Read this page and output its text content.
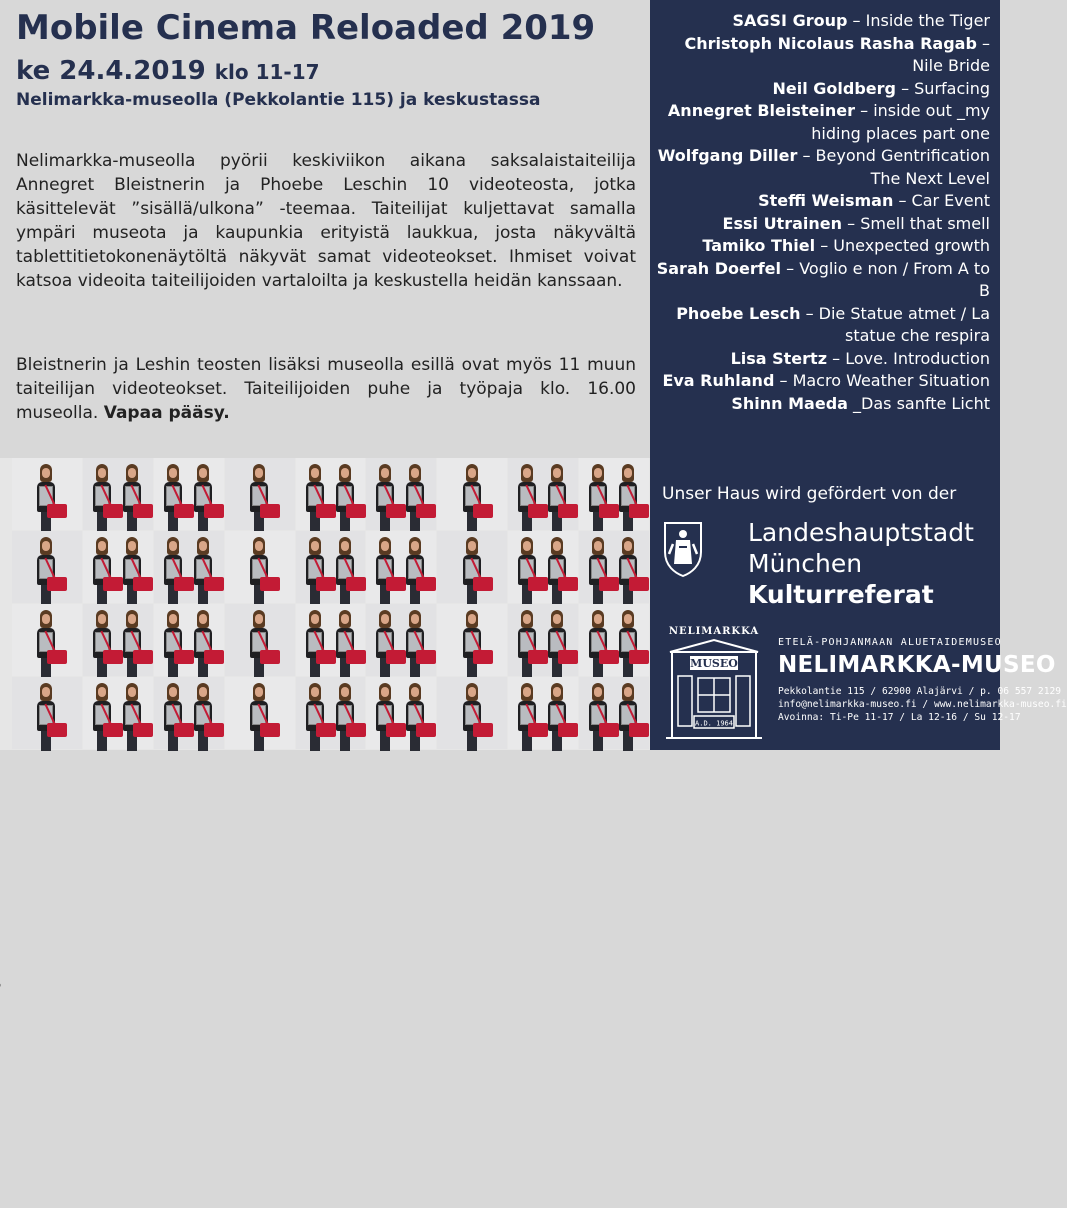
Mobile Cinema Reloaded 2019

ke 24.4.2019 klo 11-17

Nelimarkka-museolla (Pekkolantie 115) ja keskustassa

Nelimarkka-museolla pyörii keskiviikon aikana saksalaistaiteilija Annegret Bleistnerin ja Phoebe Leschin 10 videoteosta, jotka käsittelevät ”sisällä/ulkona” -teemaa. Taiteilijat kuljettavat samalla ympäri museota ja kaupunkia erityistä laukkua, josta näkyvältä tablettitietokonenäytöltä näkyvät samat videoteokset. Ihmiset voivat katsoa videoita taiteilijoiden vartaloilta ja keskustella heidän kanssaan.

Bleistnerin ja Leshin teosten lisäksi museolla esillä ovat myös 11 muun taiteilijan videoteokset. Taiteilijoiden puhe ja työpaja klo. 16.00 museolla. Vapaa pääsy.

SAGSI Group – Inside the Tiger
Christoph Nicolaus Rasha Ragab – Nile Bride
Neil Goldberg – Surfacing
Annegret Bleisteiner – inside out _my hiding places part one
Wolfgang Diller – Beyond Gentrification The Next Level
Steffi Weisman – Car Event
Essi Utrainen – Smell that smell
Tamiko Thiel – Unexpected growth
Sarah Doerfel – Voglio e non / From A to B
Phoebe Lesch – Die Statue atmet / La statue che respira
Lisa Stertz – Love. Introduction
Eva Ruhland – Macro Weather Situation
Shinn Maeda _Das sanfte Licht

Unser Haus wird gefördert von der

Landeshauptstadt

München

Kulturreferat

NELIMARKKA
MUSEO
A.D. 1964

ETELÄ-POHJANMAAN ALUETAIDEMUSEO

NELIMARKKA-MUSEO

Pekkolantie 115 / 62900 Alajärvi / p. 06 557 2129

info@nelimarkka-museo.fi / www.nelimarkka-museo.fi

Avoinna: Ti-Pe 11-17 / La 12-16 / Su 12-17
